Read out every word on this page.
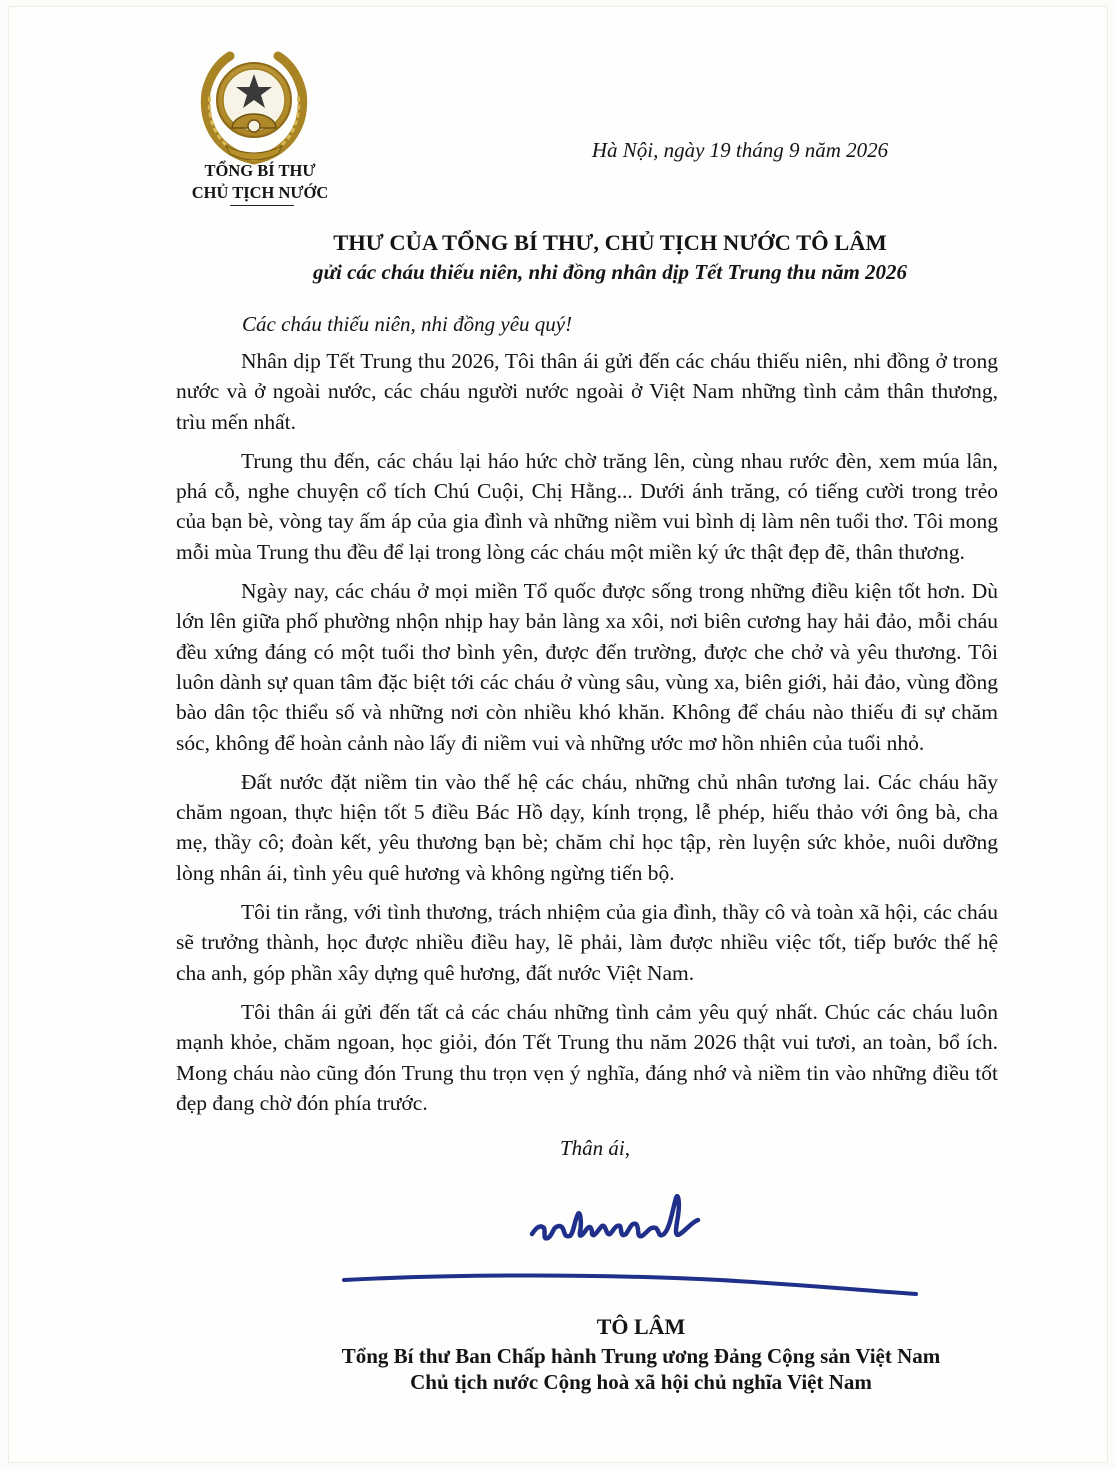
TỔNG BÍ THƯ
CHỦ TỊCH NƯỚC
Hà Nội, ngày 19 tháng 9 năm 2026
THƯ CỦA TỔNG BÍ THƯ, CHỦ TỊCH NƯỚC TÔ LÂM
gửi các cháu thiếu niên, nhi đồng nhân dịp Tết Trung thu năm 2026
Các cháu thiếu niên, nhi đồng yêu quý!

Nhân dịp Tết Trung thu 2026, Tôi thân ái gửi đến các cháu thiếu niên, nhi đồng ở trong nước và ở ngoài nước, các cháu người nước ngoài ở Việt Nam những tình cảm thân thương, trìu mến nhất.

Trung thu đến, các cháu lại háo hức chờ trăng lên, cùng nhau rước đèn, xem múa lân, phá cỗ, nghe chuyện cổ tích Chú Cuội, Chị Hằng... Dưới ánh trăng, có tiếng cười trong trẻo của bạn bè, vòng tay ấm áp của gia đình và những niềm vui bình dị làm nên tuổi thơ. Tôi mong mỗi mùa Trung thu đều để lại trong lòng các cháu một miền ký ức thật đẹp đẽ, thân thương.

Ngày nay, các cháu ở mọi miền Tổ quốc được sống trong những điều kiện tốt hơn. Dù lớn lên giữa phố phường nhộn nhịp hay bản làng xa xôi, nơi biên cương hay hải đảo, mỗi cháu đều xứng đáng có một tuổi thơ bình yên, được đến trường, được che chở và yêu thương. Tôi luôn dành sự quan tâm đặc biệt tới các cháu ở vùng sâu, vùng xa, biên giới, hải đảo, vùng đồng bào dân tộc thiểu số và những nơi còn nhiều khó khăn. Không để cháu nào thiếu đi sự chăm sóc, không để hoàn cảnh nào lấy đi niềm vui và những ước mơ hồn nhiên của tuổi nhỏ.

Đất nước đặt niềm tin vào thế hệ các cháu, những chủ nhân tương lai. Các cháu hãy chăm ngoan, thực hiện tốt 5 điều Bác Hồ dạy, kính trọng, lễ phép, hiếu thảo với ông bà, cha mẹ, thầy cô; đoàn kết, yêu thương bạn bè; chăm chỉ học tập, rèn luyện sức khỏe, nuôi dưỡng lòng nhân ái, tình yêu quê hương và không ngừng tiến bộ.

Tôi tin rằng, với tình thương, trách nhiệm của gia đình, thầy cô và toàn xã hội, các cháu sẽ trưởng thành, học được nhiều điều hay, lẽ phải, làm được nhiều việc tốt, tiếp bước thế hệ cha anh, góp phần xây dựng quê hương, đất nước Việt Nam.

Tôi thân ái gửi đến tất cả các cháu những tình cảm yêu quý nhất. Chúc các cháu luôn mạnh khỏe, chăm ngoan, học giỏi, đón Tết Trung thu năm 2026 thật vui tươi, an toàn, bổ ích. Mong cháu nào cũng đón Trung thu trọn vẹn ý nghĩa, đáng nhớ và niềm tin vào những điều tốt đẹp đang chờ đón phía trước.

Thân ái,
TÔ LÂM
Tổng Bí thư Ban Chấp hành Trung ương Đảng Cộng sản Việt Nam
Chủ tịch nước Cộng hoà xã hội chủ nghĩa Việt Nam
